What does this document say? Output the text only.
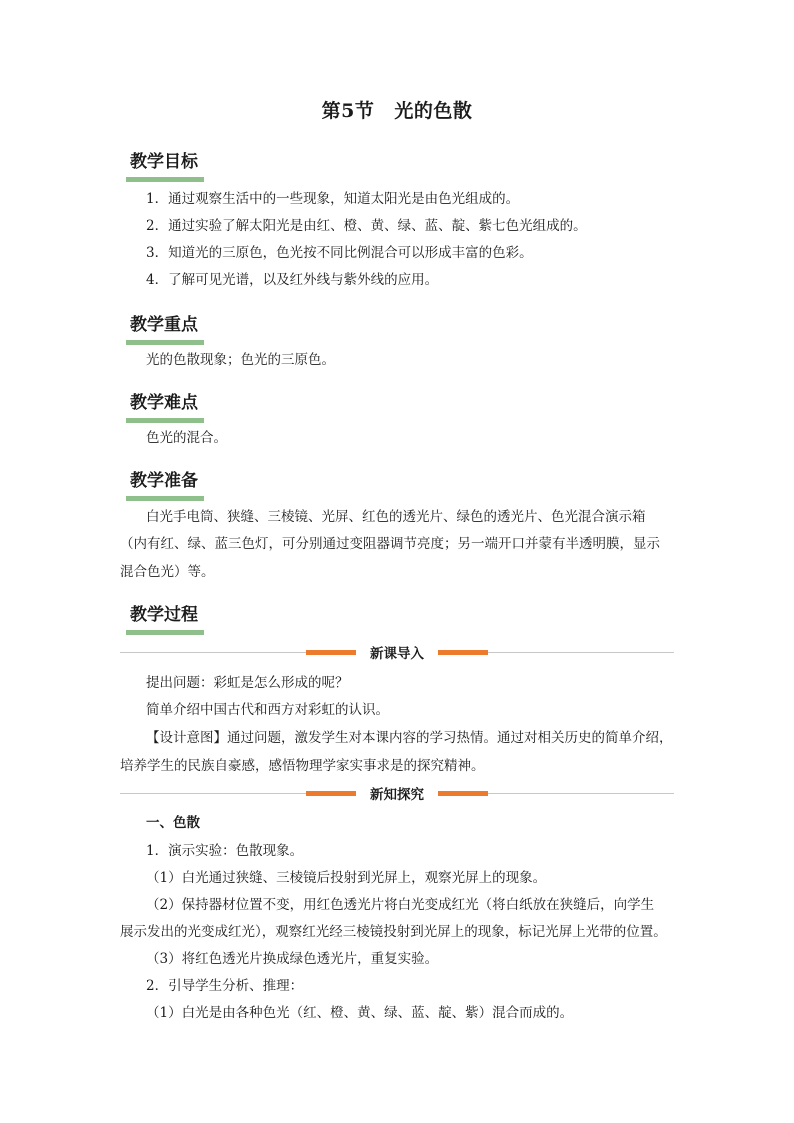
第5节 光的色散
教学目标
1．通过观察生活中的一些现象，知道太阳光是由色光组成的。
2．通过实验了解太阳光是由红、橙、黄、绿、蓝、靛、紫七色光组成的。
3．知道光的三原色，色光按不同比例混合可以形成丰富的色彩。
4．了解可见光谱，以及红外线与紫外线的应用。
教学重点
光的色散现象；色光的三原色。
教学难点
色光的混合。
教学准备
白光手电筒、狭缝、三棱镜、光屏、红色的透光片、绿色的透光片、色光混合演示箱
（内有红、绿、蓝三色灯，可分别通过变阻器调节亮度；另一端开口并蒙有半透明膜，显示
混合色光）等。
教学过程
新课导入
提出问题：彩虹是怎么形成的呢？
简单介绍中国古代和西方对彩虹的认识。
【设计意图】通过问题，激发学生对本课内容的学习热情。通过对相关历史的简单介绍，
培养学生的民族自豪感，感悟物理学家实事求是的探究精神。
新知探究
一、色散
1．演示实验：色散现象。
（1）白光通过狭缝、三棱镜后投射到光屏上，观察光屏上的现象。
（2）保持器材位置不变，用红色透光片将白光变成红光（将白纸放在狭缝后，向学生
展示发出的光变成红光），观察红光经三棱镜投射到光屏上的现象，标记光屏上光带的位置。
（3）将红色透光片换成绿色透光片，重复实验。
2．引导学生分析、推理：
（1）白光是由各种色光（红、橙、黄、绿、蓝、靛、紫）混合而成的。
